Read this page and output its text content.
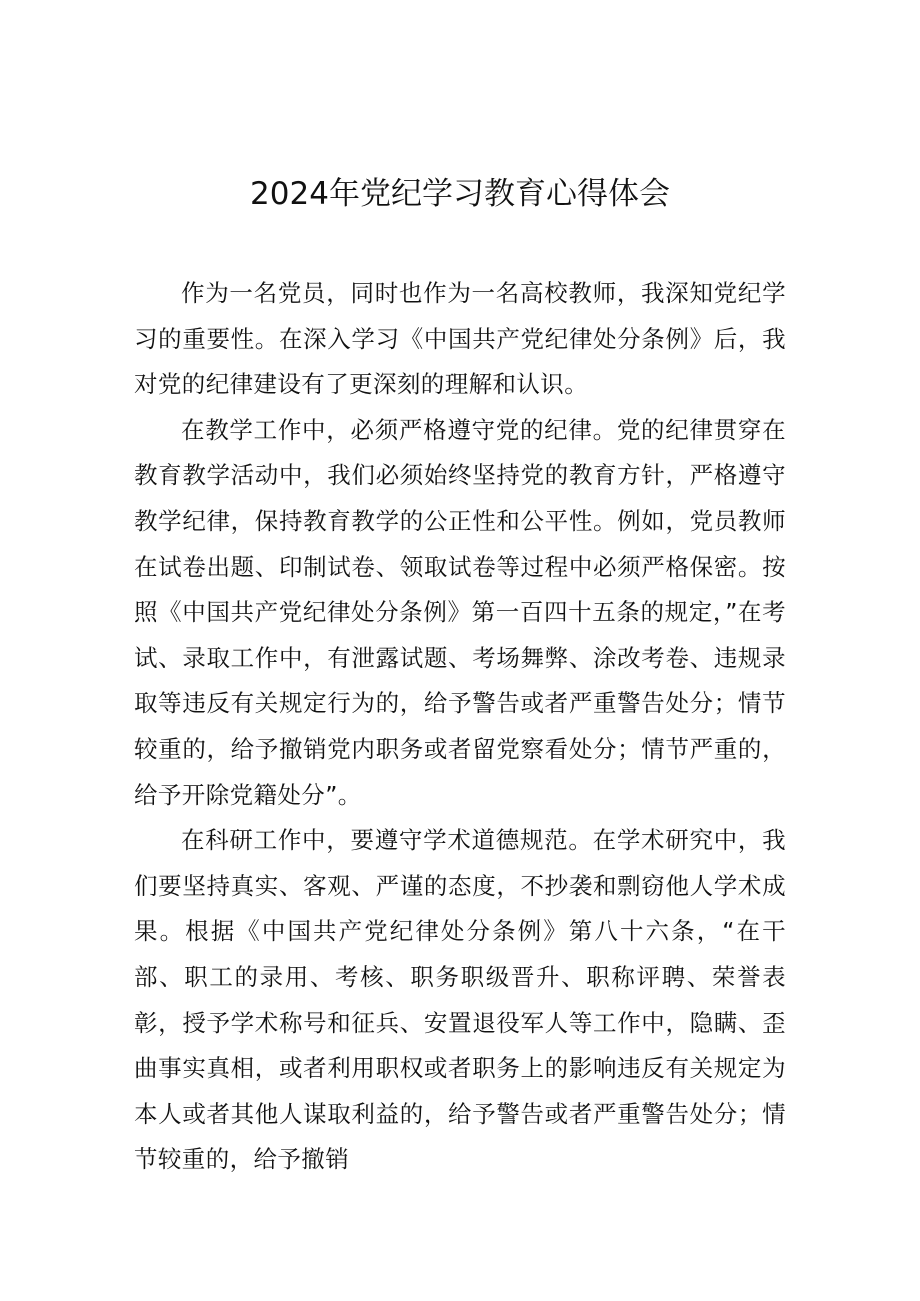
2024年党纪学习教育心得体会

作为一名党员，同时也作为一名高校教师，我深知党纪学习的重要性。在深入学习《中国共产党纪律处分条例》后，我对党的纪律建设有了更深刻的理解和认识。

在教学工作中，必须严格遵守党的纪律。党的纪律贯穿在教育教学活动中，我们必须始终坚持党的教育方针，严格遵守教学纪律，保持教育教学的公正性和公平性。例如，党员教师在试卷出题、印制试卷、领取试卷等过程中必须严格保密。按照《中国共产党纪律处分条例》第一百四十五条的规定，”在考试、录取工作中，有泄露试题、考场舞弊、涂改考卷、违规录取等违反有关规定行为的，给予警告或者严重警告处分；情节较重的，给予撤销党内职务或者留党察看处分；情节严重的，给予开除党籍处分”。

在科研工作中，要遵守学术道德规范。在学术研究中，我们要坚持真实、客观、严谨的态度，不抄袭和剽窃他人学术成果。根据《中国共产党纪律处分条例》第八十六条，“在干部、职工的录用、考核、职务职级晋升、职称评聘、荣誉表彰，授予学术称号和征兵、安置退役军人等工作中，隐瞒、歪曲事实真相，或者利用职权或者职务上的影响违反有关规定为本人或者其他人谋取利益的，给予警告或者严重警告处分；情节较重的，给予撤销
